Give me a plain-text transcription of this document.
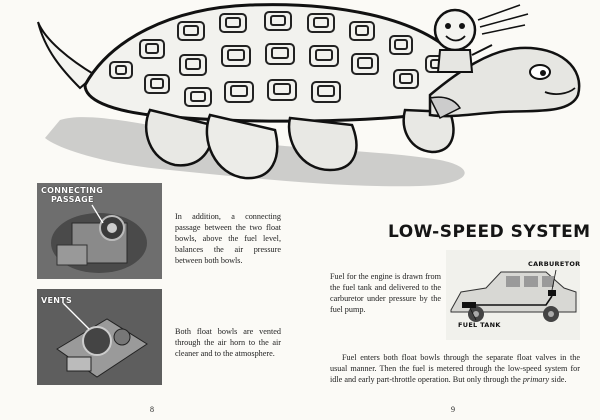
CONNECTING
PASSAGE
In addition, a connecting passage between the two float bowls, above the fuel level, balances the air pressure between both bowls.
VENTS
Both float bowls are vented through the air horn to the air cleaner and to the atmosphere.
8
LOW-SPEED SYSTEM
Fuel for the engine is drawn from the fuel tank and delivered to the carburetor under pressure by the fuel pump.
CARBURETOR
FUEL TANK
Fuel enters both float bowls through the separate float valves in the usual manner. Then the fuel is metered through the low-speed system for idle and early part-throttle operation. But only through the primary side.
9
